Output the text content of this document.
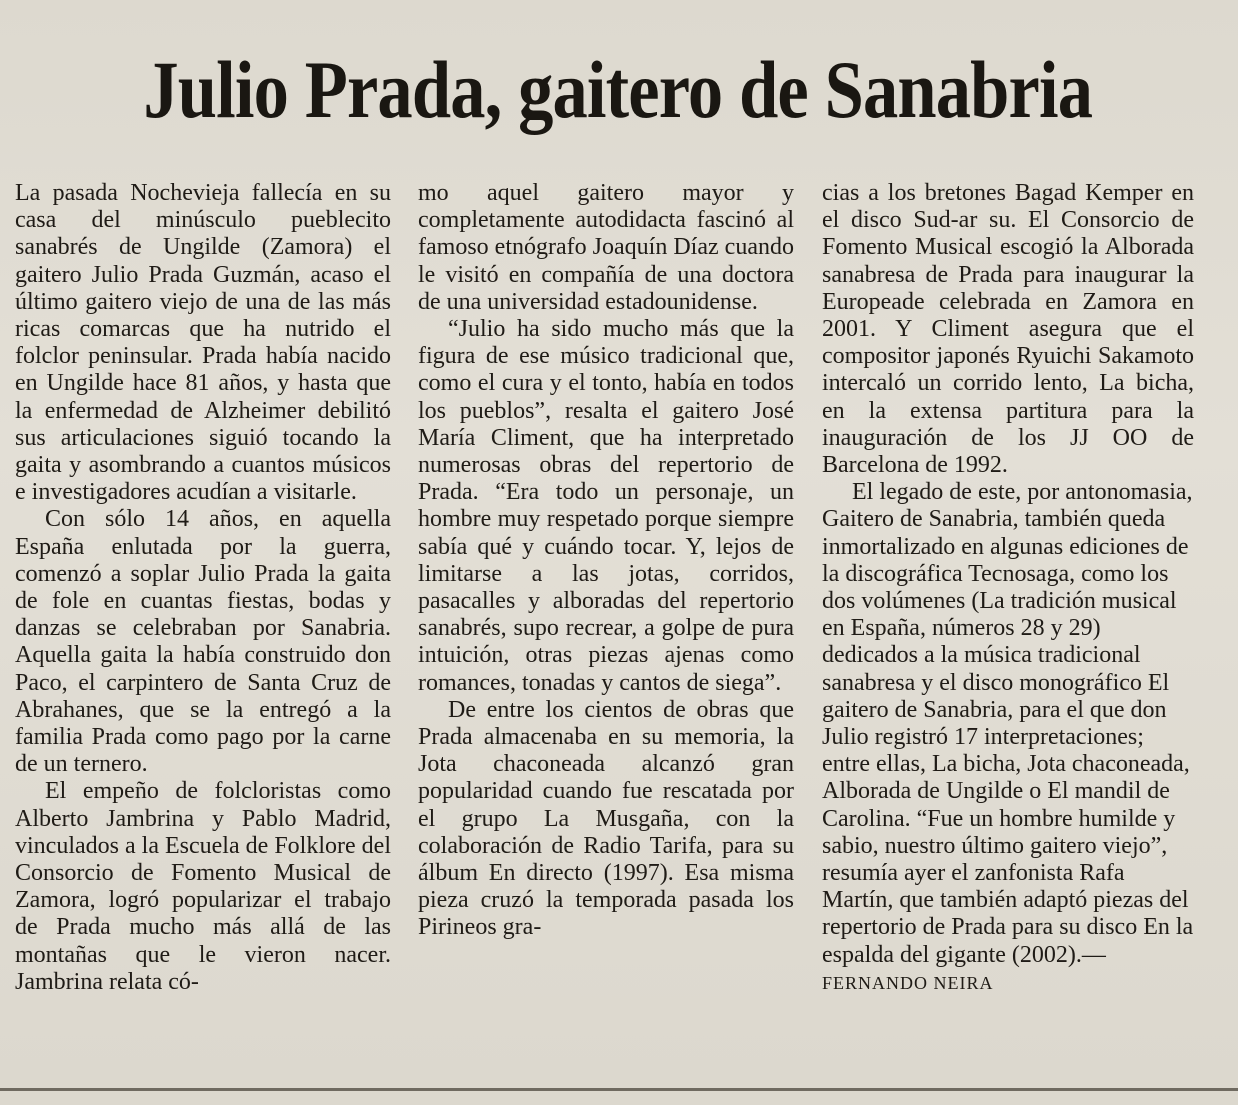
Julio Prada, gaitero de Sanabria

La pasada Nochevieja fallecía en su casa del minúsculo pueblecito sanabrés de Ungilde (Zamora) el gaitero Julio Prada Guzmán, acaso el último gaitero viejo de una de las más ricas comarcas que ha nutrido el folclor peninsular. Prada había nacido en Ungilde hace 81 años, y hasta que la enfermedad de Alzheimer debilitó sus articulaciones siguió tocando la gaita y asombrando a cuantos músicos e investigadores acudían a visitarle.

Con sólo 14 años, en aquella España enlutada por la guerra, comenzó a soplar Julio Prada la gaita de fole en cuantas fiestas, bodas y danzas se celebraban por Sanabria. Aquella gaita la había construido don Paco, el carpintero de Santa Cruz de Abrahanes, que se la entregó a la familia Prada como pago por la carne de un ternero.

El empeño de folcloristas como Alberto Jambrina y Pablo Madrid, vinculados a la Escuela de Folklore del Consorcio de Fomento Musical de Zamora, logró popularizar el trabajo de Prada mucho más allá de las montañas que le vieron nacer. Jambrina relata có-

mo aquel gaitero mayor y completamente autodidacta fascinó al famoso etnógrafo Joaquín Díaz cuando le visitó en compañía de una doctora de una universidad estadounidense.

“Julio ha sido mucho más que la figura de ese músico tradicional que, como el cura y el tonto, había en todos los pueblos”, resalta el gaitero José María Climent, que ha interpretado numerosas obras del repertorio de Prada. “Era todo un personaje, un hombre muy respetado porque siempre sabía qué y cuándo tocar. Y, lejos de limitarse a las jotas, corridos, pasacalles y alboradas del repertorio sanabrés, supo recrear, a golpe de pura intuición, otras piezas ajenas como romances, tonadas y cantos de siega”.

De entre los cientos de obras que Prada almacenaba en su memoria, la Jota chaconeada alcanzó gran popularidad cuando fue rescatada por el grupo La Musgaña, con la colaboración de Radio Tarifa, para su álbum En directo (1997). Esa misma pieza cruzó la temporada pasada los Pirineos gra-

cias a los bretones Bagad Kemper en el disco Sud-ar su. El Consorcio de Fomento Musical escogió la Alborada sanabresa de Prada para inaugurar la Europeade celebrada en Zamora en 2001. Y Climent asegura que el compositor japonés Ryuichi Sakamoto intercaló un corrido lento, La bicha, en la extensa partitura para la inauguración de los JJ OO de Barcelona de 1992.

El legado de este, por antonomasia, Gaitero de Sanabria, también queda inmortalizado en algunas ediciones de la discográfica Tecnosaga, como los dos volúmenes (La tradición musical en España, números 28 y 29) dedicados a la música tradicional sanabresa y el disco monográfico El gaitero de Sanabria, para el que don Julio registró 17 interpretaciones; entre ellas, La bicha, Jota chaconeada, Alborada de Ungilde o El mandil de Carolina. “Fue un hombre humilde y sabio, nuestro último gaitero viejo”, resumía ayer el zanfonista Rafa Martín, que también adaptó piezas del repertorio de Prada para su disco En la espalda del gigante (2002).— FERNANDO NEIRA
